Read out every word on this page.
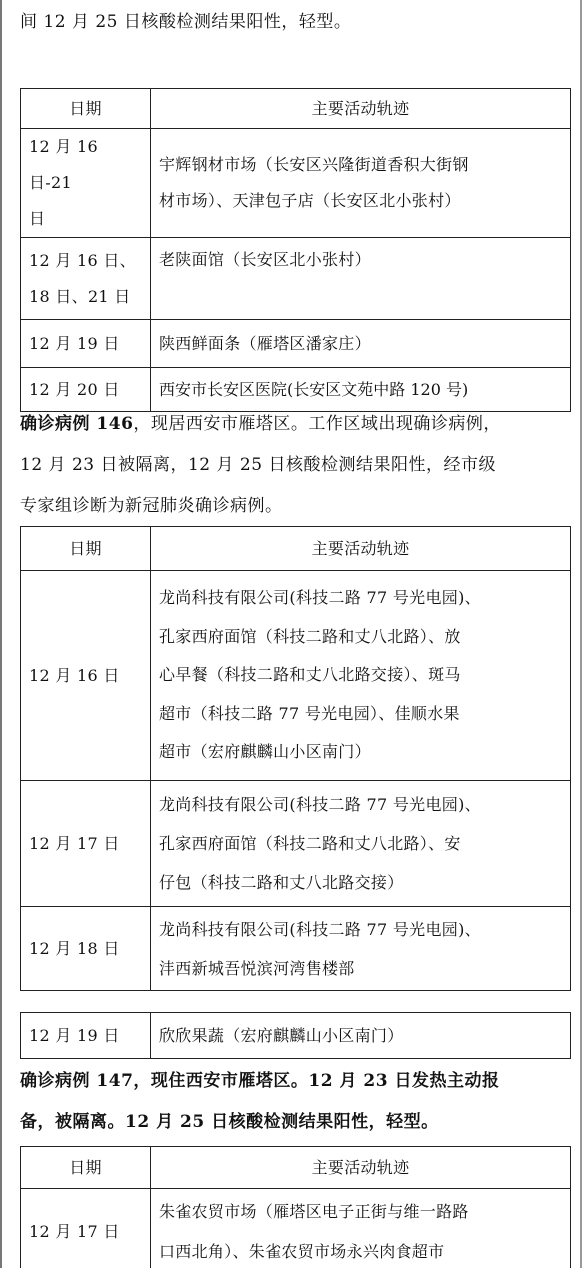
间 12 月 25 日核酸检测结果阳性，轻型。
日期	主要活动轨迹
12 月 16 日-21
日	宇辉钢材市场（长安区兴隆街道香积大街钢
材市场）、天津包子店（长安区北小张村）
12 月 16 日、
18 日、21 日	老陕面馆（长安区北小张村）
12 月 19 日	陕西鲜面条（雁塔区潘家庄）
12 月 20 日	西安市长安区医院(长安区文苑中路 120 号)
确诊病例 146，现居西安市雁塔区。工作区域出现确诊病例，
12 月 23 日被隔离，12 月 25 日核酸检测结果阳性，经市级
专家组诊断为新冠肺炎确诊病例。
日期	主要活动轨迹
12 月 16 日	龙尚科技有限公司(科技二路 77 号光电园)、
孔家西府面馆（科技二路和丈八北路）、放
心早餐（科技二路和丈八北路交接）、斑马
超市（科技二路 77 号光电园）、佳顺水果
超市（宏府麒麟山小区南门）
12 月 17 日	龙尚科技有限公司(科技二路 77 号光电园)、
孔家西府面馆（科技二路和丈八北路）、安
仔包（科技二路和丈八北路交接）
12 月 18 日	龙尚科技有限公司(科技二路 77 号光电园)、
沣西新城吾悦滨河湾售楼部
12 月 19 日	欣欣果蔬（宏府麒麟山小区南门）
确诊病例 147，现住西安市雁塔区。12 月 23 日发热主动报
备，被隔离。12 月 25 日核酸检测结果阳性，轻型。
日期	主要活动轨迹
12 月 17 日	朱雀农贸市场（雁塔区电子正街与维一路路
口西北角）、朱雀农贸市场永兴肉食超市
